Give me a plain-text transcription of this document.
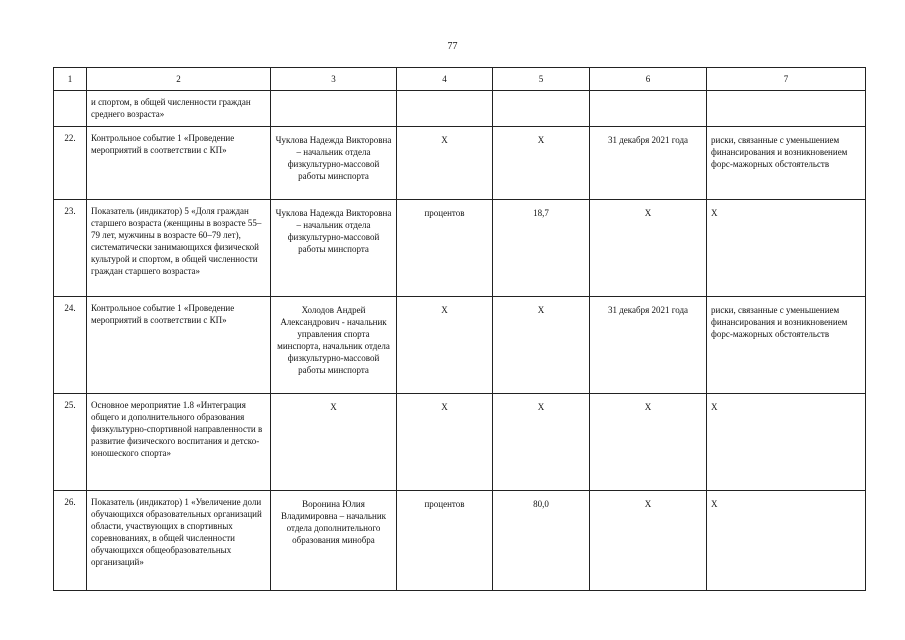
77
1	2	3	4	5	6	7
	и спортом, в общей численности граждан среднего возраста»					
22.	Контрольное событие 1 «Проведение мероприятий в соответствии с КП»	Чуклова Надежда Викторовна – начальник отдела физкультурно-массовой работы минспорта	Х	Х	31 декабря 2021 года	риски, связанные с уменьшением финансирования и возникновением форс-мажорных обстоятельств
23.	Показатель (индикатор) 5 «Доля граждан старшего возраста (женщины в возрасте 55–79 лет, мужчины в возрасте 60–79 лет), систематически занимающихся физической культурой и спортом, в общей численности граждан старшего возраста»	Чуклова Надежда Викторовна – начальник отдела физкультурно-массовой работы минспорта	процентов	18,7	Х	Х
24.	Контрольное событие 1 «Проведение мероприятий в соответствии с КП»	Холодов Андрей Александрович - начальник управления спорта минспорта, начальник отдела физкультурно-массовой работы минспорта	Х	Х	31 декабря 2021 года	риски, связанные с уменьшением финансирования и возникновением форс-мажорных обстоятельств
25.	Основное мероприятие 1.8 «Интеграция общего и дополнительного образования физкультурно-спортивной направленности в развитие физического воспитания и детско-юношеского спорта»	Х	Х	Х	Х	Х
26.	Показатель (индикатор) 1 «Увеличение доли обучающихся образовательных организаций области, участвующих в спортивных соревнованиях, в общей численности обучающихся общеобразовательных организаций»	Воронина Юлия Владимировна – начальник отдела дополнительного образования минобра	процентов	80,0	Х	Х
